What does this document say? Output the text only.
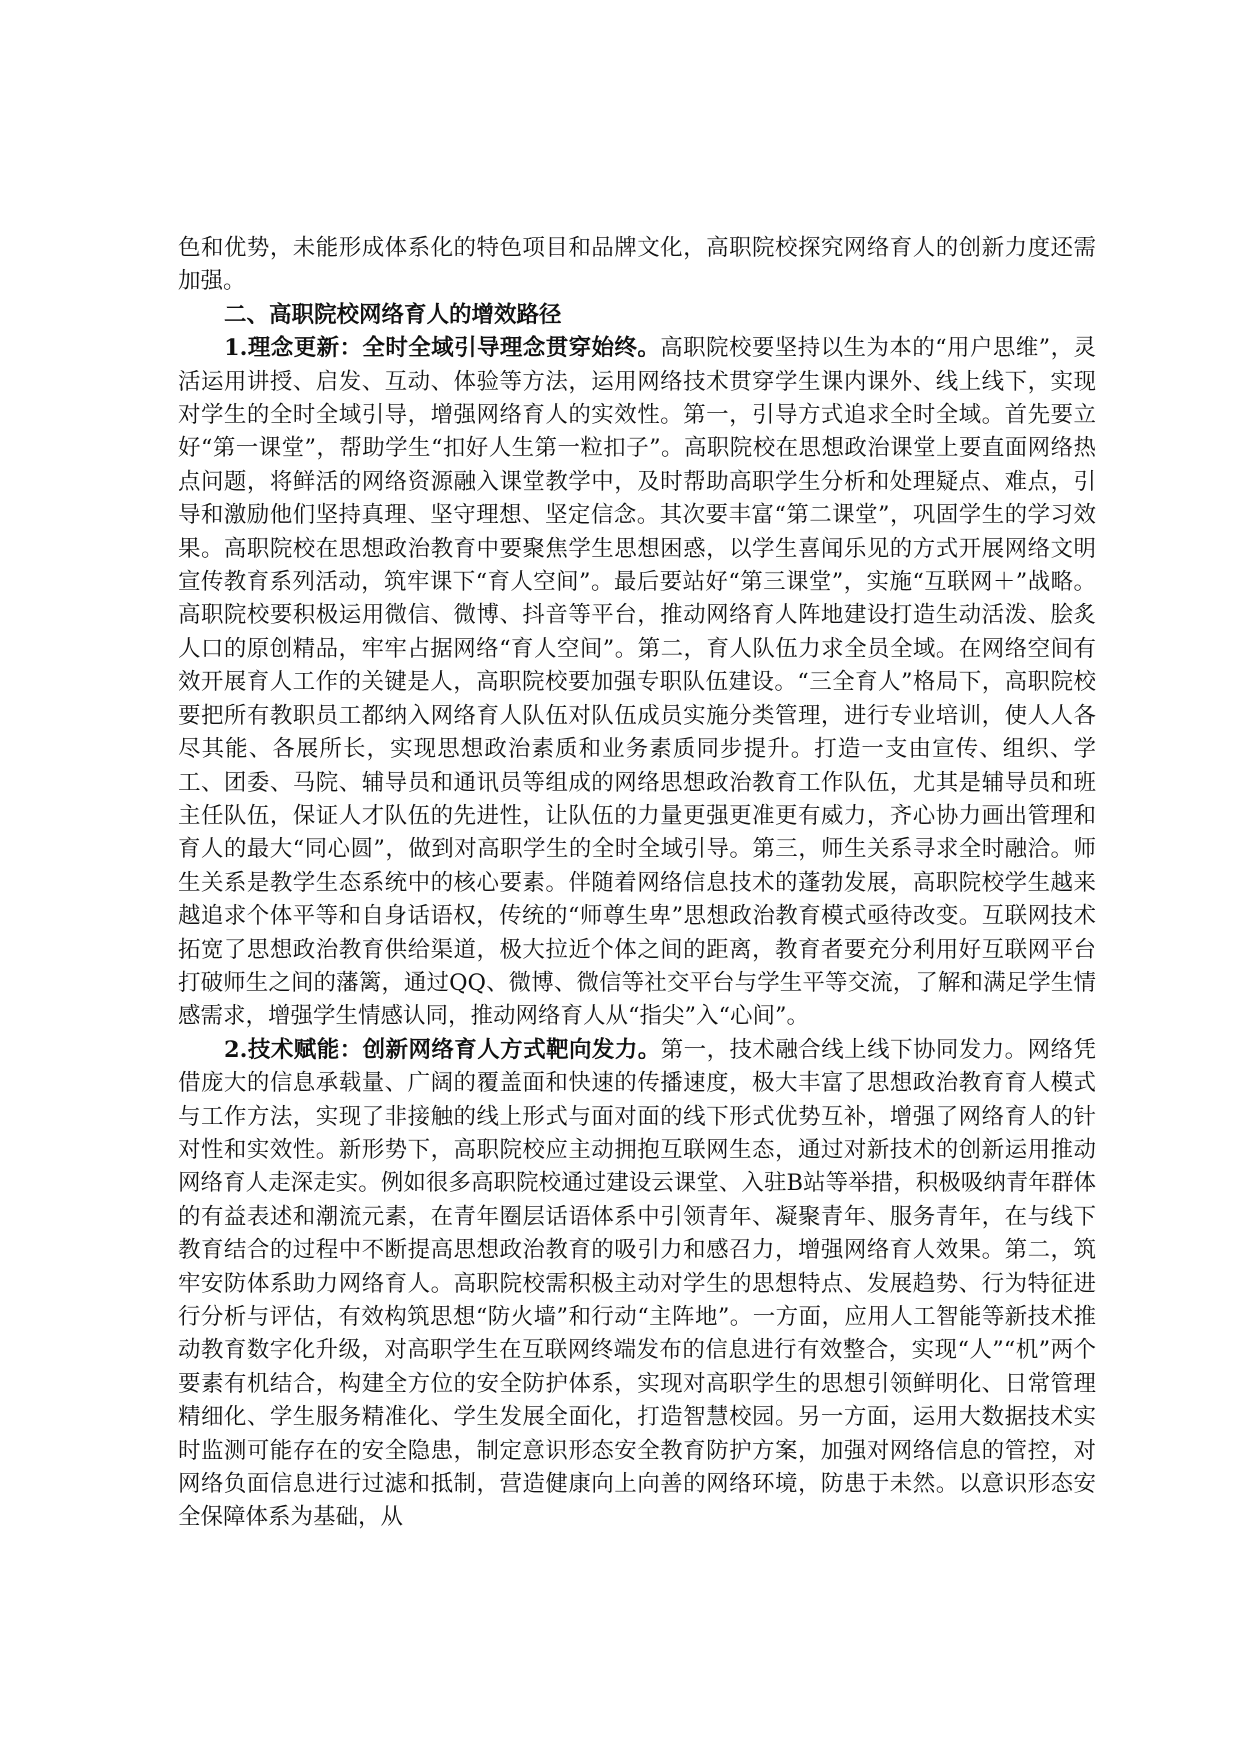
色和优势，未能形成体系化的特色项目和品牌文化，高职院校探究网络育人的创新力度还需加强。

二、高职院校网络育人的增效路径

1.理念更新：全时全域引导理念贯穿始终。高职院校要坚持以生为本的“用户思维”，灵活运用讲授、启发、互动、体验等方法，运用网络技术贯穿学生课内课外、线上线下，实现对学生的全时全域引导，增强网络育人的实效性。第一，引导方式追求全时全域。首先要立好“第一课堂”，帮助学生“扣好人生第一粒扣子”。高职院校在思想政治课堂上要直面网络热点问题，将鲜活的网络资源融入课堂教学中，及时帮助高职学生分析和处理疑点、难点，引导和激励他们坚持真理、坚守理想、坚定信念。其次要丰富“第二课堂”，巩固学生的学习效果。高职院校在思想政治教育中要聚焦学生思想困惑，以学生喜闻乐见的方式开展网络文明宣传教育系列活动，筑牢课下“育人空间”。最后要站好“第三课堂”，实施“互联网＋”战略。高职院校要积极运用微信、微博、抖音等平台，推动网络育人阵地建设打造生动活泼、脍炙人口的原创精品，牢牢占据网络“育人空间”。第二，育人队伍力求全员全域。在网络空间有效开展育人工作的关键是人，高职院校要加强专职队伍建设。“三全育人”格局下，高职院校要把所有教职员工都纳入网络育人队伍对队伍成员实施分类管理，进行专业培训，使人人各尽其能、各展所长，实现思想政治素质和业务素质同步提升。打造一支由宣传、组织、学工、团委、马院、辅导员和通讯员等组成的网络思想政治教育工作队伍，尤其是辅导员和班主任队伍，保证人才队伍的先进性，让队伍的力量更强更准更有威力，齐心协力画出管理和育人的最大“同心圆”，做到对高职学生的全时全域引导。第三，师生关系寻求全时融洽。师生关系是教学生态系统中的核心要素。伴随着网络信息技术的蓬勃发展，高职院校学生越来越追求个体平等和自身话语权，传统的“师尊生卑”思想政治教育模式亟待改变。互联网技术拓宽了思想政治教育供给渠道，极大拉近个体之间的距离，教育者要充分利用好互联网平台打破师生之间的藩篱，通过QQ、微博、微信等社交平台与学生平等交流，了解和满足学生情感需求，增强学生情感认同，推动网络育人从“指尖”入“心间”。

2.技术赋能：创新网络育人方式靶向发力。第一，技术融合线上线下协同发力。网络凭借庞大的信息承载量、广阔的覆盖面和快速的传播速度，极大丰富了思想政治教育育人模式与工作方法，实现了非接触的线上形式与面对面的线下形式优势互补，增强了网络育人的针对性和实效性。新形势下，高职院校应主动拥抱互联网生态，通过对新技术的创新运用推动网络育人走深走实。例如很多高职院校通过建设云课堂、入驻B站等举措，积极吸纳青年群体的有益表述和潮流元素，在青年圈层话语体系中引领青年、凝聚青年、服务青年，在与线下教育结合的过程中不断提高思想政治教育的吸引力和感召力，增强网络育人效果。第二，筑牢安防体系助力网络育人。高职院校需积极主动对学生的思想特点、发展趋势、行为特征进行分析与评估，有效构筑思想“防火墙”和行动“主阵地”。一方面，应用人工智能等新技术推动教育数字化升级，对高职学生在互联网终端发布的信息进行有效整合，实现“人”“机”两个要素有机结合，构建全方位的安全防护体系，实现对高职学生的思想引领鲜明化、日常管理精细化、学生服务精准化、学生发展全面化，打造智慧校园。另一方面，运用大数据技术实时监测可能存在的安全隐患，制定意识形态安全教育防护方案，加强对网络信息的管控，对网络负面信息进行过滤和抵制，营造健康向上向善的网络环境，防患于未然。以意识形态安全保障体系为基础，从
